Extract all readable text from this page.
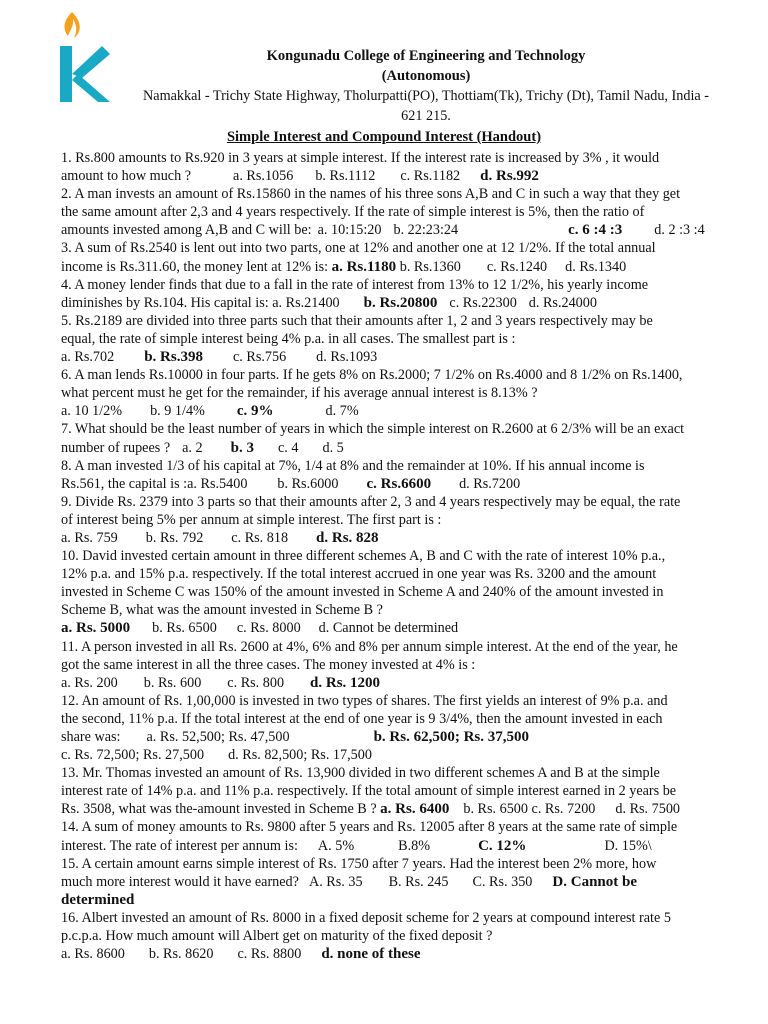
Kongunadu College of Engineering and Technology
(Autonomous)
Namakkal - Trichy State Highway, Tholurpatti(PO), Thottiam(Tk), Trichy (Dt), Tamil Nadu, India -
621 215.
Simple Interest and Compound Interest (Handout)

1. Rs.800 amounts to Rs.920 in 3 years at simple interest. If the interest rate is increased by 3% , it would

amount to how much ?	a. Rs.1056 b. Rs.1112 c. Rs.1182 d. Rs.992

2. A man invests an amount of Rs.15860 in the names of his three sons A,B and C in such a way that they get

the same amount after 2,3 and 4 years respectively. If the rate of simple interest is 5%, then the ratio of

amounts invested among A,B and C will be: a. 10:15:20 b. 22:23:24	c. 6 :4 :3 d. 2 :3 :4

3. A sum of Rs.2540 is lent out into two parts, one at 12% and another one at 12 1/2%. If the total annual

income is Rs.311.60, the money lent at 12% is: a. Rs.1180 b. Rs.1360 c. Rs.1240 d. Rs.1340

4. A money lender finds that due to a fall in the rate of interest from 13% to 12 1/2%, his yearly income

diminishes by Rs.104. His capital is: a. Rs.21400 b. Rs.20800 c. Rs.22300 d. Rs.24000

5. Rs.2189 are divided into three parts such that their amounts after 1, 2 and 3 years respectively may be

equal, the rate of simple interest being 4% p.a. in all cases. The smallest part is :

a. Rs.702 b. Rs.398 c. Rs.756 d. Rs.1093

6. A man lends Rs.10000 in four parts. If he gets 8% on Rs.2000; 7 1/2% on Rs.4000 and 8 1/2% on Rs.1400,

what percent must he get for the remainder, if his average annual interest is 8.13% ?

a. 10 1/2% b. 9 1/4% c. 9%	d. 7%

7. What should be the least number of years in which the simple interest on R.2600 at 6 2/3% will be an exact

number of rupees ? a. 2 b. 3 c. 4 d. 5

8. A man invested 1/3 of his capital at 7%, 1/4 at 8% and the remainder at 10%. If his annual income is

Rs.561, the capital is :a. Rs.5400 b. Rs.6000 c. Rs.6600 d. Rs.7200

9. Divide Rs. 2379 into 3 parts so that their amounts after 2, 3 and 4 years respectively may be equal, the rate

of interest being 5% per annum at simple interest. The first part is :

a. Rs. 759 b. Rs. 792 c. Rs. 818 d. Rs. 828

10. David invested certain amount in three different schemes A, B and C with the rate of interest 10% p.a.,

12% p.a. and 15% p.a. respectively. If the total interest accrued in one year was Rs. 3200 and the amount

invested in Scheme C was 150% of the amount invested in Scheme A and 240% of the amount invested in

Scheme B, what was the amount invested in Scheme B ?

a. Rs. 5000 b. Rs. 6500 c. Rs. 8000 d. Cannot be determined

11. A person invested in all Rs. 2600 at 4%, 6% and 8% per annum simple interest. At the end of the year, he

got the same interest in all the three cases. The money invested at 4% is :

a. Rs. 200 b. Rs. 600 c. Rs. 800 d. Rs. 1200

12. An amount of Rs. 1,00,000 is invested in two types of shares. The first yields an interest of 9% p.a. and

the second, 11% p.a. If the total interest at the end of one year is 9 3/4%, then the amount invested in each

share was: a. Rs. 52,500; Rs. 47,500	b. Rs. 62,500; Rs. 37,500

c. Rs. 72,500; Rs. 27,500 d. Rs. 82,500; Rs. 17,500

13. Mr. Thomas invested an amount of Rs. 13,900 divided in two different schemes A and B at the simple

interest rate of 14% p.a. and 11% p.a. respectively. If the total amount of simple interest earned in 2 years be

Rs. 3508, what was the-amount invested in Scheme B ? a. Rs. 6400 b. Rs. 6500 c. Rs. 7200 d. Rs. 7500

14. A sum of money amounts to Rs. 9800 after 5 years and Rs. 12005 after 8 years at the same rate of simple

interest. The rate of interest per annum is: A. 5%	B.8%	C. 12%	D. 15%\

15. A certain amount earns simple interest of Rs. 1750 after 7 years. Had the interest been 2% more, how

much more interest would it have earned? A. Rs. 35 B. Rs. 245 C. Rs. 350 D. Cannot be

determined

16. Albert invested an amount of Rs. 8000 in a fixed deposit scheme for 2 years at compound interest rate 5

p.c.p.a. How much amount will Albert get on maturity of the fixed deposit ?

a. Rs. 8600 b. Rs. 8620 c. Rs. 8800 d. none of these
